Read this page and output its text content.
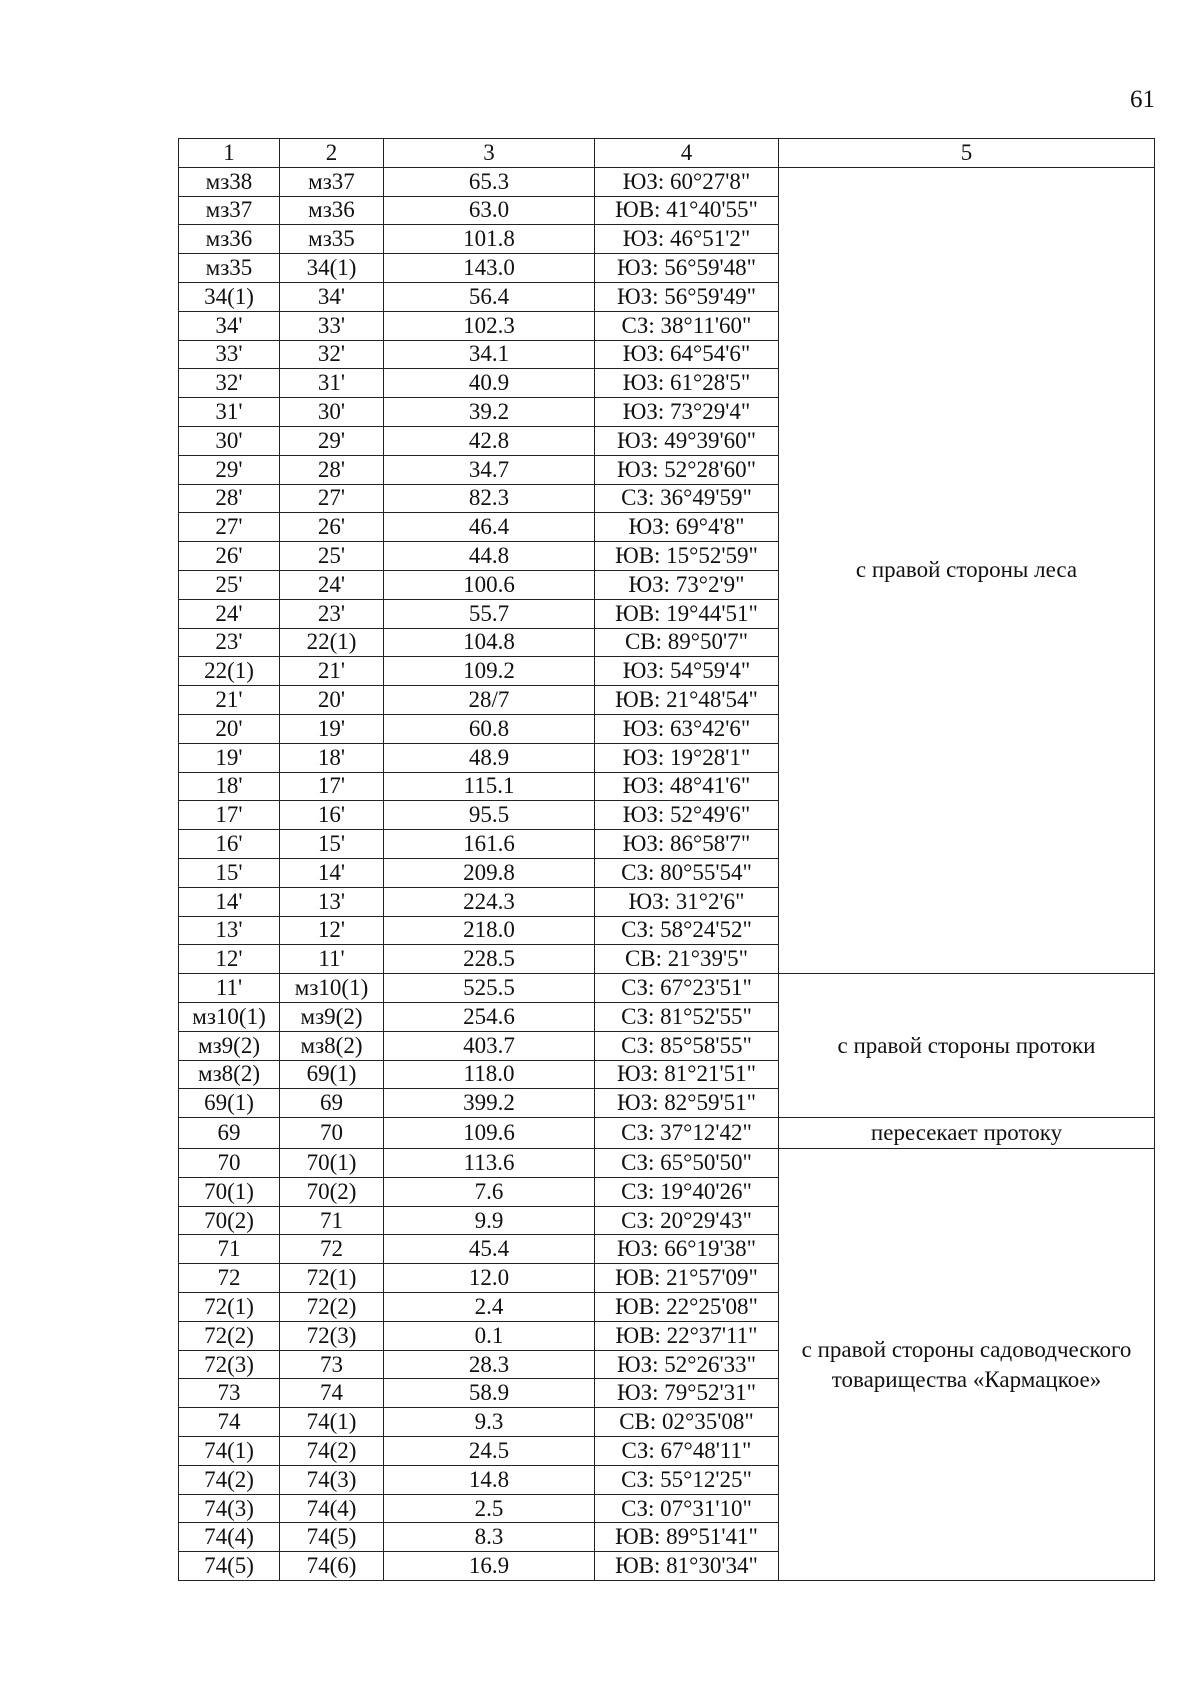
61
1	2	3	4	5
мз38	мз37	65.3	ЮЗ: 60°27'8"	с правой стороны леса
мз37	мз36	63.0	ЮВ: 41°40'55"	
мз36	мз35	101.8	ЮЗ: 46°51'2"	
мз35	34(1)	143.0	ЮЗ: 56°59'48"	
34(1)	34'	56.4	ЮЗ: 56°59'49"	
34'	33'	102.3	СЗ: 38°11'60"	
33'	32'	34.1	ЮЗ: 64°54'6"	
32'	31'	40.9	ЮЗ: 61°28'5"	
31'	30'	39.2	ЮЗ: 73°29'4"	
30'	29'	42.8	ЮЗ: 49°39'60"	
29'	28'	34.7	ЮЗ: 52°28'60"	
28'	27'	82.3	СЗ: 36°49'59"	
27'	26'	46.4	ЮЗ: 69°4'8"	
26'	25'	44.8	ЮВ: 15°52'59"	
25'	24'	100.6	ЮЗ: 73°2'9"	
24'	23'	55.7	ЮВ: 19°44'51"	
23'	22(1)	104.8	СВ: 89°50'7"	
22(1)	21'	109.2	ЮЗ: 54°59'4"	
21'	20'	28/7	ЮВ: 21°48'54"	
20'	19'	60.8	ЮЗ: 63°42'6"	
19'	18'	48.9	ЮЗ: 19°28'1"	
18'	17'	115.1	ЮЗ: 48°41'6"	
17'	16'	95.5	ЮЗ: 52°49'6"	
16'	15'	161.6	ЮЗ: 86°58'7"	
15'	14'	209.8	СЗ: 80°55'54"	
14'	13'	224.3	ЮЗ: 31°2'6"	
13'	12'	218.0	СЗ: 58°24'52"	
12'	11'	228.5	СВ: 21°39'5"	
11'	мз10(1)	525.5	СЗ: 67°23'51"	с правой стороны протоки
мз10(1)	мз9(2)	254.6	СЗ: 81°52'55"	
мз9(2)	мз8(2)	403.7	СЗ: 85°58'55"	
мз8(2)	69(1)	118.0	ЮЗ: 81°21'51"	
69(1)	69	399.2	ЮЗ: 82°59'51"	
69	70	109.6	СЗ: 37°12'42"	пересекает протоку
70	70(1)	113.6	СЗ: 65°50'50"	с правой стороны садоводческого товарищества «Кармацкое»
70(1)	70(2)	7.6	СЗ: 19°40'26"	
70(2)	71	9.9	СЗ: 20°29'43"	
71	72	45.4	ЮЗ: 66°19'38"	
72	72(1)	12.0	ЮВ: 21°57'09"	
72(1)	72(2)	2.4	ЮВ: 22°25'08"	
72(2)	72(3)	0.1	ЮВ: 22°37'11"	
72(3)	73	28.3	ЮЗ: 52°26'33"	
73	74	58.9	ЮЗ: 79°52'31"	
74	74(1)	9.3	СВ: 02°35'08"	
74(1)	74(2)	24.5	СЗ: 67°48'11"	
74(2)	74(3)	14.8	СЗ: 55°12'25"	
74(3)	74(4)	2.5	СЗ: 07°31'10"	
74(4)	74(5)	8.3	ЮВ: 89°51'41"	
74(5)	74(6)	16.9	ЮВ: 81°30'34"	
